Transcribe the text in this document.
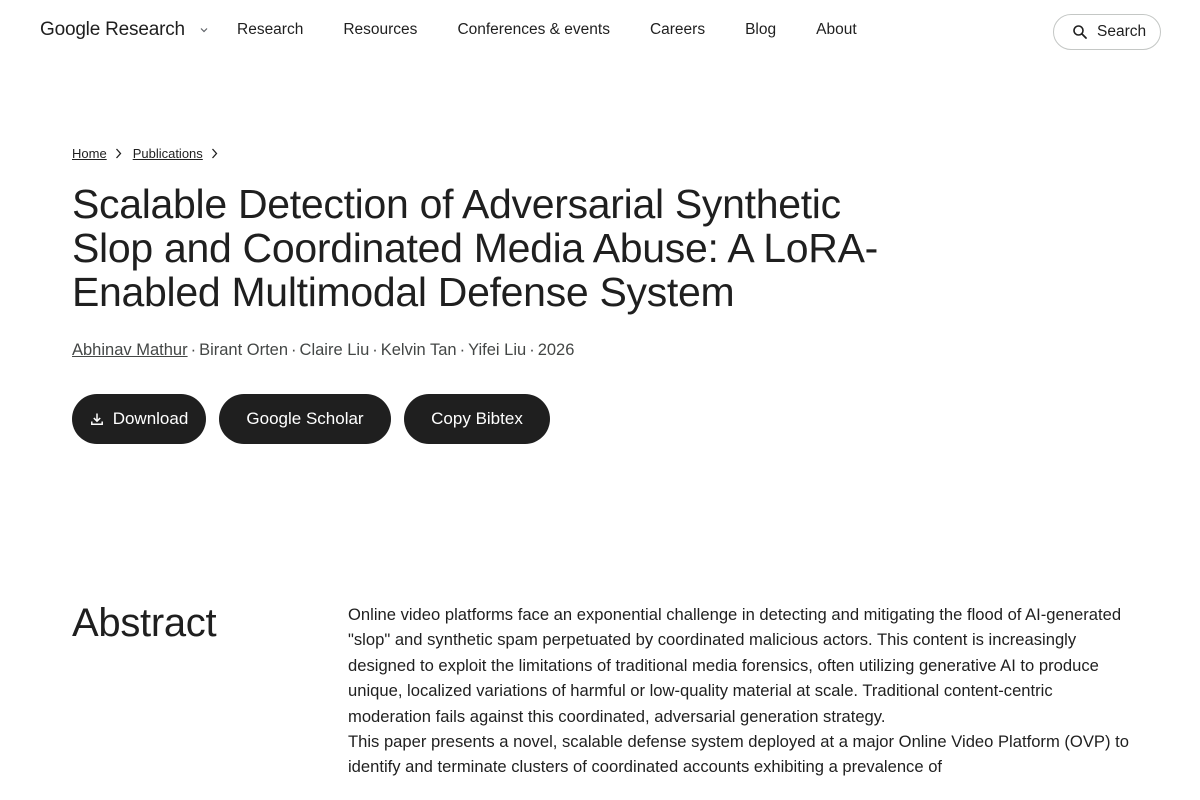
Google Research	Research	Resources	Conferences & events	Careers	Blog	About	Search
Home Publications
Scalable Detection of Adversarial Synthetic Slop and Coordinated Media Abuse: A LoRA-Enabled Multimodal Defense System
Abhinav Mathur · Birant Orten · Claire Liu · Kelvin Tan · Yifei Liu · 2026
Download	Google Scholar	Copy Bibtex
Abstract	Online video platforms face an exponential challenge in detecting and mitigating the flood of AI-generated "slop" and synthetic spam perpetuated by coordinated malicious actors. This content is increasingly designed to exploit the limitations of traditional media forensics, often utilizing generative AI to produce unique, localized variations of harmful or low-quality material at scale. Traditional content-centric moderation fails against this coordinated, adversarial generation strategy.

This paper presents a novel, scalable defense system deployed at a major Online Video Platform (OVP) to identify and terminate clusters of coordinated accounts exhibiting a prevalence of
